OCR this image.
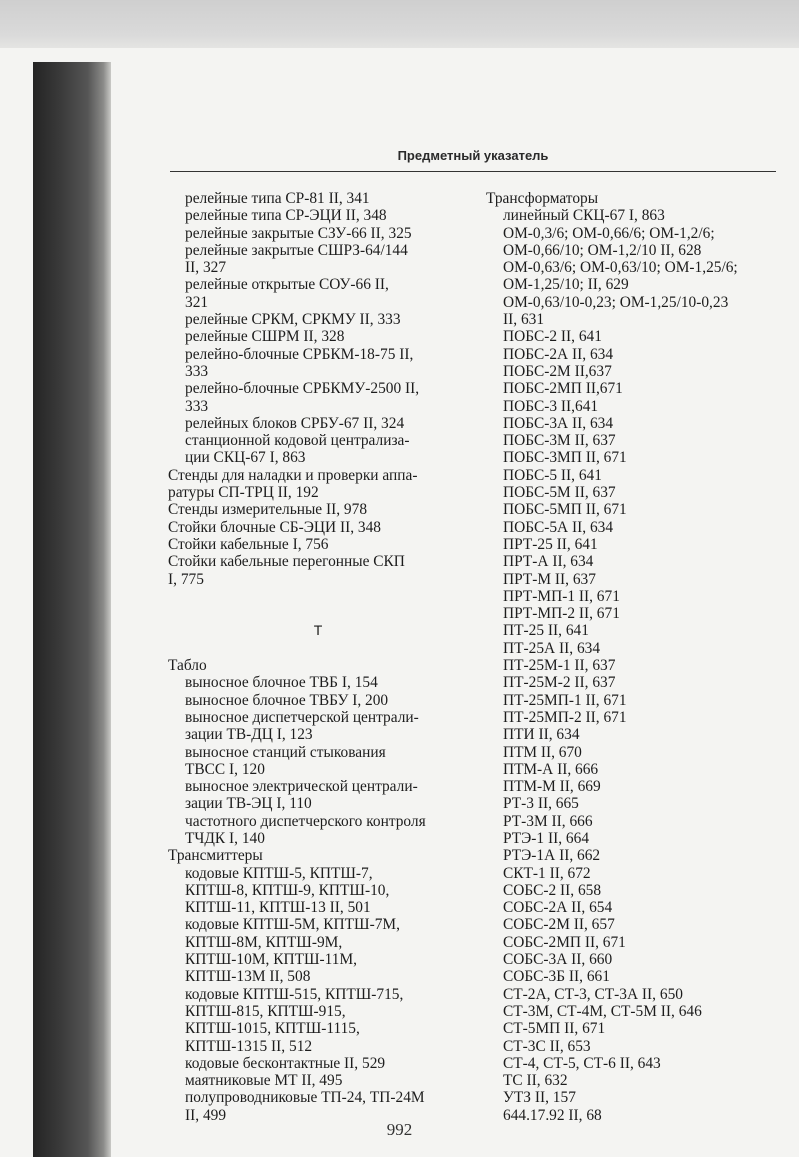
Предметный указатель
релейные типа СР-81 II, 341
релейные типа СР-ЭЦИ II, 348
релейные закрытые СЗУ-66 II, 325
релейные закрытые СШРЗ-64/144
II, 327
релейные открытые СОУ-66 II,
321
релейные СРКМ, СРКМУ II, 333
релейные СШРМ II, 328
релейно-блочные СРБКМ-18-75 II,
333
релейно-блочные СРБКМУ-2500 II,
333
релейных блоков СРБУ-67 II, 324
станционной кодовой централиза-
ции СКЦ-67 I, 863
Стенды для наладки и проверки аппа-
ратуры СП-ТРЦ II, 192
Стенды измерительные II, 978
Стойки блочные СБ-ЭЦИ II, 348
Стойки кабельные I, 756
Стойки кабельные перегонные СКП
I, 775
Т
Табло
выносное блочное ТВБ I, 154
выносное блочное ТВБУ I, 200
выносное диспетчерской централи-
зации ТВ-ДЦ I, 123
выносное станций стыкования
ТВСС I, 120
выносное электрической централи-
зации ТВ-ЭЦ I, 110
частотного диспетчерского контроля
ТЧДК I, 140
Трансмиттеры
кодовые КПТШ-5, КПТШ-7,
КПТШ-8, КПТШ-9, КПТШ-10,
КПТШ-11, КПТШ-13 II, 501
кодовые КПТШ-5М, КПТШ-7М,
КПТШ-8М, КПТШ-9М,
КПТШ-10М, КПТШ-11М,
КПТШ-13М II, 508
кодовые КПТШ-515, КПТШ-715,
КПТШ-815, КПТШ-915,
КПТШ-1015, КПТШ-1115,
КПТШ-1315 II, 512
кодовые бесконтактные II, 529
маятниковые МТ II, 495
полупроводниковые ТП-24, ТП-24М
II, 499
Трансформаторы
линейный СКЦ-67 I, 863
ОМ-0,3/6; ОМ-0,66/6; ОМ-1,2/6;
ОМ-0,66/10; ОМ-1,2/10 II, 628
ОМ-0,63/6; ОМ-0,63/10; ОМ-1,25/6;
ОМ-1,25/10; II, 629
ОМ-0,63/10-0,23; ОМ-1,25/10-0,23
II, 631
ПОБС-2 II, 641
ПОБС-2А II, 634
ПОБС-2М II,637
ПОБС-2МП II,671
ПОБС-3 II,641
ПОБС-3А II, 634
ПОБС-3М II, 637
ПОБС-3МП II, 671
ПОБС-5 II, 641
ПОБС-5М II, 637
ПОБС-5МП II, 671
ПОБС-5А II, 634
ПРТ-25 II, 641
ПРТ-А II, 634
ПРТ-М II, 637
ПРТ-МП-1 II, 671
ПРТ-МП-2 II, 671
ПТ-25 II, 641
ПТ-25А II, 634
ПТ-25М-1 II, 637
ПТ-25М-2 II, 637
ПТ-25МП-1 II, 671
ПТ-25МП-2 II, 671
ПТИ II, 634
ПТМ II, 670
ПТМ-А II, 666
ПТМ-М II, 669
РТ-3 II, 665
РТ-3М II, 666
РТЭ-1 II, 664
РТЭ-1А II, 662
СКТ-1 II, 672
СОБС-2 II, 658
СОБС-2А II, 654
СОБС-2М II, 657
СОБС-2МП II, 671
СОБС-3А II, 660
СОБС-3Б II, 661
СТ-2А, СТ-3, СТ-3А II, 650
СТ-3М, СТ-4М, СТ-5М II, 646
СТ-5МП II, 671
СТ-3С II, 653
СТ-4, СТ-5, СТ-6 II, 643
ТС II, 632
УТЗ II, 157
644.17.92 II, 68
992
